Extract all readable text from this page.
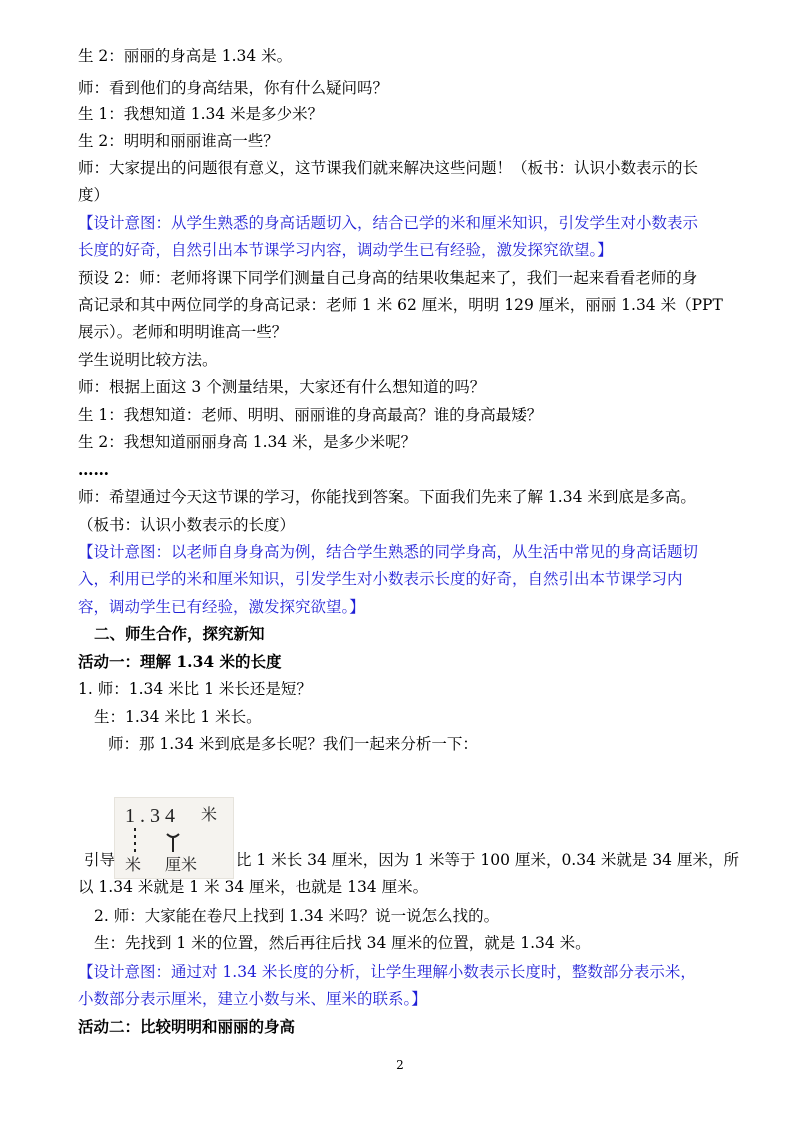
生 2：丽丽的身高是 1.34 米。
师：看到他们的身高结果，你有什么疑问吗？
生 1：我想知道 1.34 米是多少米？
生 2：明明和丽丽谁高一些？
师：大家提出的问题很有意义，这节课我们就来解决这些问题！（板书：认识小数表示的长
度）
【设计意图：从学生熟悉的身高话题切入，结合已学的米和厘米知识，引发学生对小数表示
长度的好奇，自然引出本节课学习内容，调动学生已有经验，激发探究欲望。】
预设 2：师：老师将课下同学们测量自己身高的结果收集起来了，我们一起来看看老师的身
高记录和其中两位同学的身高记录：老师 1 米 62 厘米，明明 129 厘米，丽丽 1.34 米（PPT
展示）。老师和明明谁高一些？
学生说明比较方法。
师：根据上面这 3 个测量结果，大家还有什么想知道的吗？
生 1：我想知道：老师、明明、丽丽谁的身高最高？谁的身高最矮？
生 2：我想知道丽丽身高 1.34 米，是多少米呢？
……
师：希望通过今天这节课的学习，你能找到答案。下面我们先来了解 1.34 米到底是多高。
（板书：认识小数表示的长度）
【设计意图：以老师自身身高为例，结合学生熟悉的同学身高，从生活中常见的身高话题切
入，利用已学的米和厘米知识，引发学生对小数表示长度的好奇，自然引出本节课学习内
容，调动学生已有经验，激发探究欲望。】
二、师生合作，探究新知
活动一：理解 1.34 米的长度
1. 师：1.34 米比 1 米长还是短？
生：1.34 米比 1 米长。
师：那 1.34 米到底是多长呢？我们一起来分析一下：
1 . 3 4 米
米 厘米
引导	比 1 米长 34 厘米，因为 1 米等于 100 厘米，0.34 米就是 34 厘米，所
以 1.34 米就是 1 米 34 厘米，也就是 134 厘米。
2. 师：大家能在卷尺上找到 1.34 米吗？说一说怎么找的。
生：先找到 1 米的位置，然后再往后找 34 厘米的位置，就是 1.34 米。
【设计意图：通过对 1.34 米长度的分析，让学生理解小数表示长度时，整数部分表示米，
小数部分表示厘米，建立小数与米、厘米的联系。】
活动二：比较明明和丽丽的身高
2
